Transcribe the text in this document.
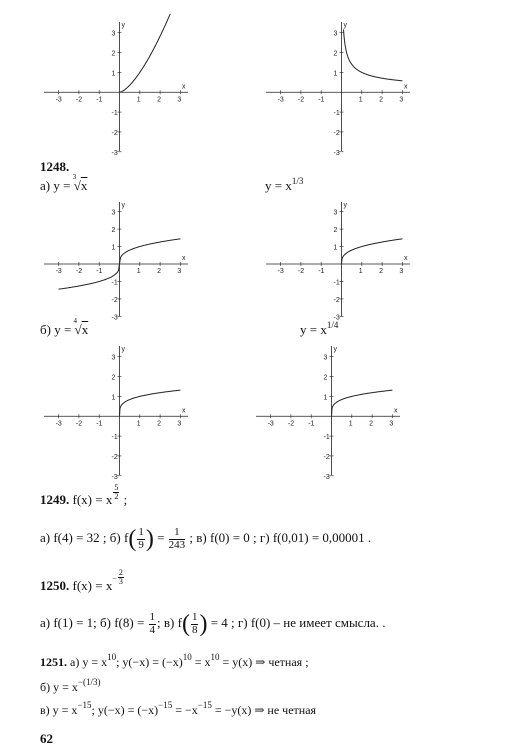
-3 -2 -1	1 2 3
3
2
1
-1
-2
-3
x
y
-3 -2 -1	1 2 3
3
2
1
-1
-2
-3
x
y
1248.
а) y =
3
√x	$y = x^{1/3}$
-3 -2 -1	1 2 3
3
2
1
-1
-2
-3
x
y
-3 -2 -1	1 2 3
3
2
1
-1
-2
-3
x
y
б) y =
4
√x	$y = x^{1/4}$
-3 -2 -1	1 2 3
3
2
1
-1
-2
-3
x
y
-3 -2 -1	1 2 3
3
2
1
-1
-2
-3
x
y
1249. f(x) = x $\frac{5}{2}$ ;
а) f(4) = 32 ; б) $f( \frac{1}{9}$ ) = $\frac{1}{243}$ ; в) f(0) = 0 ; г) f(0,01) = 0,00001 .
1250. $f(x) = x^- \frac{2}{3}$
а) f(1) = 1; б) $f(8) = \frac{1}{4}$ ; в) $f( \frac{1}{8}$ ) = 4 ; г) f(0) – не имеет смысла. .
1251. а) $y = x^{10}$; $y(-x) = (-x)^{10} = x^{10} = y(x)$ ⇒ четная ;
б) $y = x^{-(1/3)}$
в) $y = x^{-15}$; $y(-x) = (-x)^{-15} = -x^{-15} = -y(x)$ ⇒ не четная
62
